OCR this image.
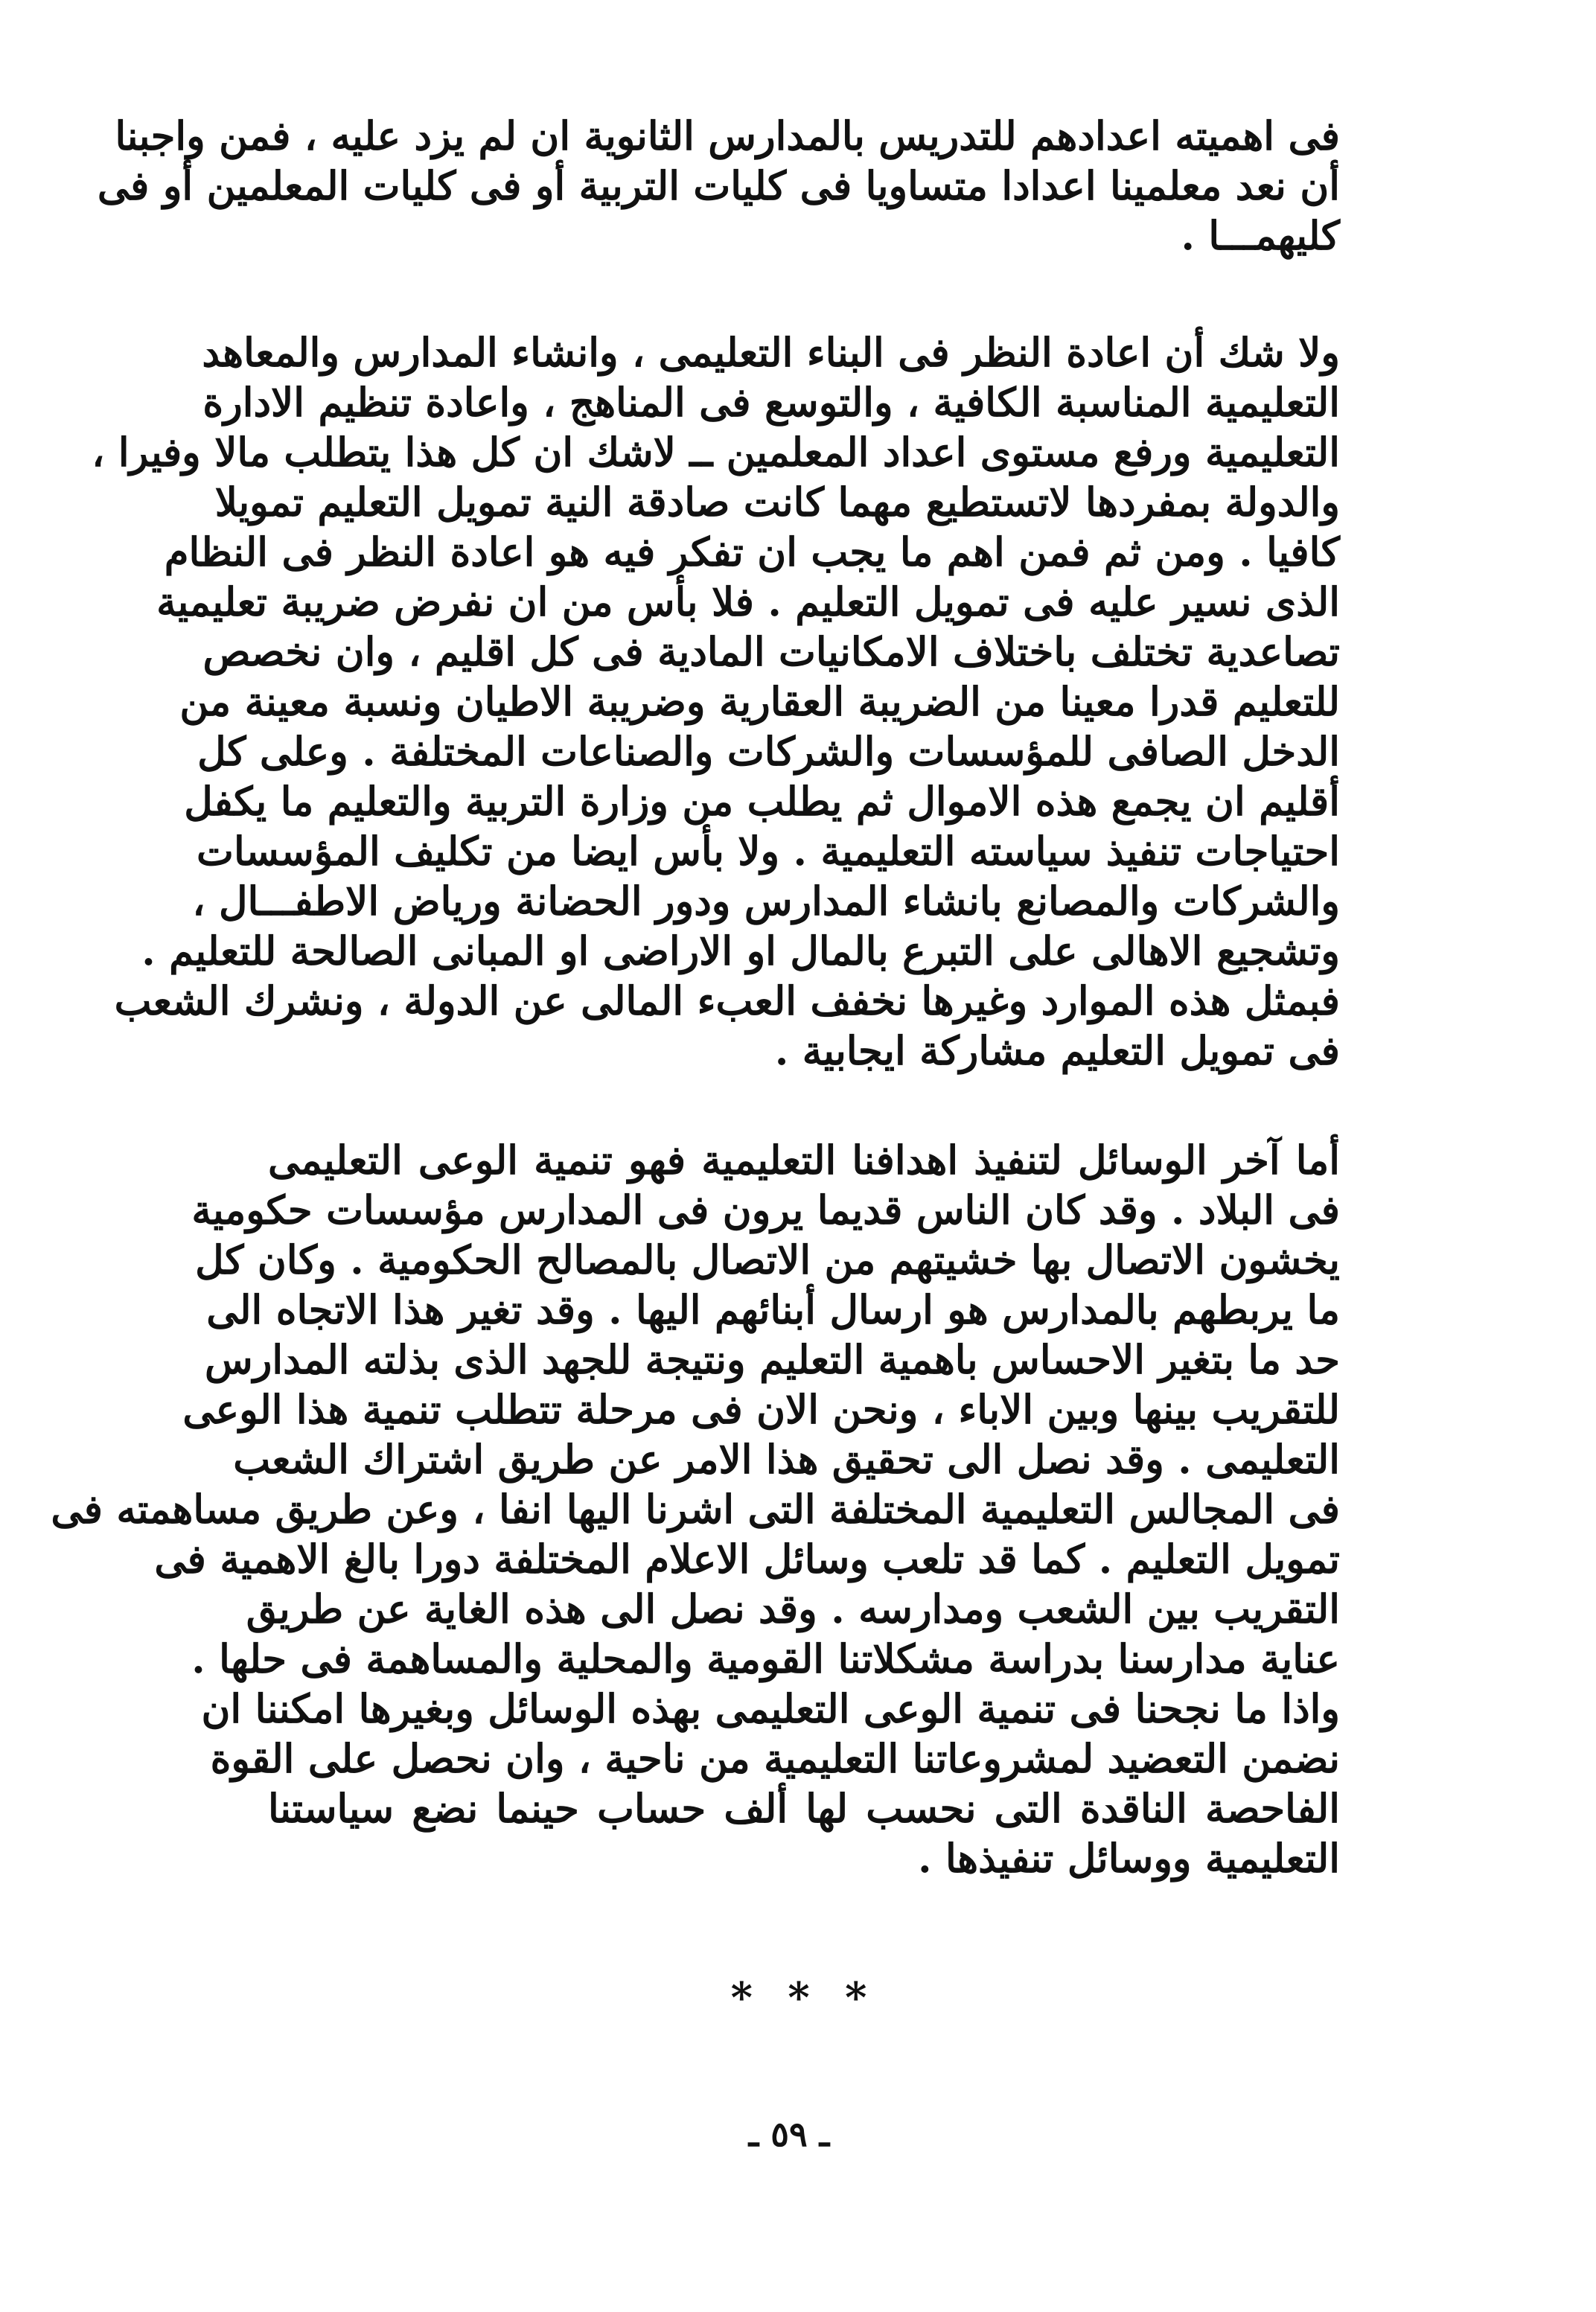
فى اهميته اعدادهم للتدريس بالمدارس الثانوية ان لم يزد عليه ، فمن واجبنا
أن نعد معلمينا اعدادا متساويا فى كليات التربية أو فى كليات المعلمين أو فى
كليهمـــا .
ولا شك أن اعادة النظر فى البناء التعليمى ، وانشاء المدارس والمعاهد
التعليمية المناسبة الكافية ، والتوسع فى المناهج ، واعادة تنظيم الادارة
التعليمية ورفع مستوى اعداد المعلمين ــ لاشك ان كل هذا يتطلب مالا وفيرا ،
والدولة بمفردها لاتستطيع مهما كانت صادقة النية تمويل التعليم تمويلا
كافيا . ومن ثم فمن اهم ما يجب ان تفكر فيه هو اعادة النظر فى النظام
الذى نسير عليه فى تمويل التعليم . فلا بأس من ان نفرض ضريبة تعليمية
تصاعدية تختلف باختلاف الامكانيات المادية فى كل اقليم ، وان نخصص
للتعليم قدرا معينا من الضريبة العقارية وضريبة الاطيان ونسبة معينة من
الدخل الصافى للمؤسسات والشركات والصناعات المختلفة . وعلى كل
أقليم ان يجمع هذه الاموال ثم يطلب من وزارة التربية والتعليم ما يكفل
احتياجات تنفيذ سياسته التعليمية . ولا بأس ايضا من تكليف المؤسسات
والشركات والمصانع بانشاء المدارس ودور الحضانة ورياض الاطفـــال ،
وتشجيع الاهالى على التبرع بالمال او الاراضى او المبانى الصالحة للتعليم .
فبمثل هذه الموارد وغيرها نخفف العبء المالى عن الدولة ، ونشرك الشعب
فى تمويل التعليم مشاركة ايجابية .
أما آخر الوسائل لتنفيذ اهدافنا التعليمية فهو تنمية الوعى التعليمى
فى البلاد . وقد كان الناس قديما يرون فى المدارس مؤسسات حكومية
يخشون الاتصال بها خشيتهم من الاتصال بالمصالح الحكومية . وكان كل
ما يربطهم بالمدارس هو ارسال أبنائهم اليها . وقد تغير هذا الاتجاه الى
حد ما بتغير الاحساس باهمية التعليم ونتيجة للجهد الذى بذلته المدارس
للتقريب بينها وبين الاباء ، ونحن الان فى مرحلة تتطلب تنمية هذا الوعى
التعليمى . وقد نصل الى تحقيق هذا الامر عن طريق اشتراك الشعب
فى المجالس التعليمية المختلفة التى اشرنا اليها انفا ، وعن طريق مساهمته فى
تمويل التعليم . كما قد تلعب وسائل الاعلام المختلفة دورا بالغ الاهمية فى
التقريب بين الشعب ومدارسه . وقد نصل الى هذه الغاية عن طريق
عناية مدارسنا بدراسة مشكلاتنا القومية والمحلية والمساهمة فى حلها .
واذا ما نجحنا فى تنمية الوعى التعليمى بهذه الوسائل وبغيرها امكننا ان
نضمن التعضيد لمشروعاتنا التعليمية من ناحية ، وان نحصل على القوة
الفاحصة الناقدة التى نحسب لها ألف حساب حينما نضع سياستنا
التعليمية ووسائل تنفيذها .
* * *
ـ ٥٩ ـ
